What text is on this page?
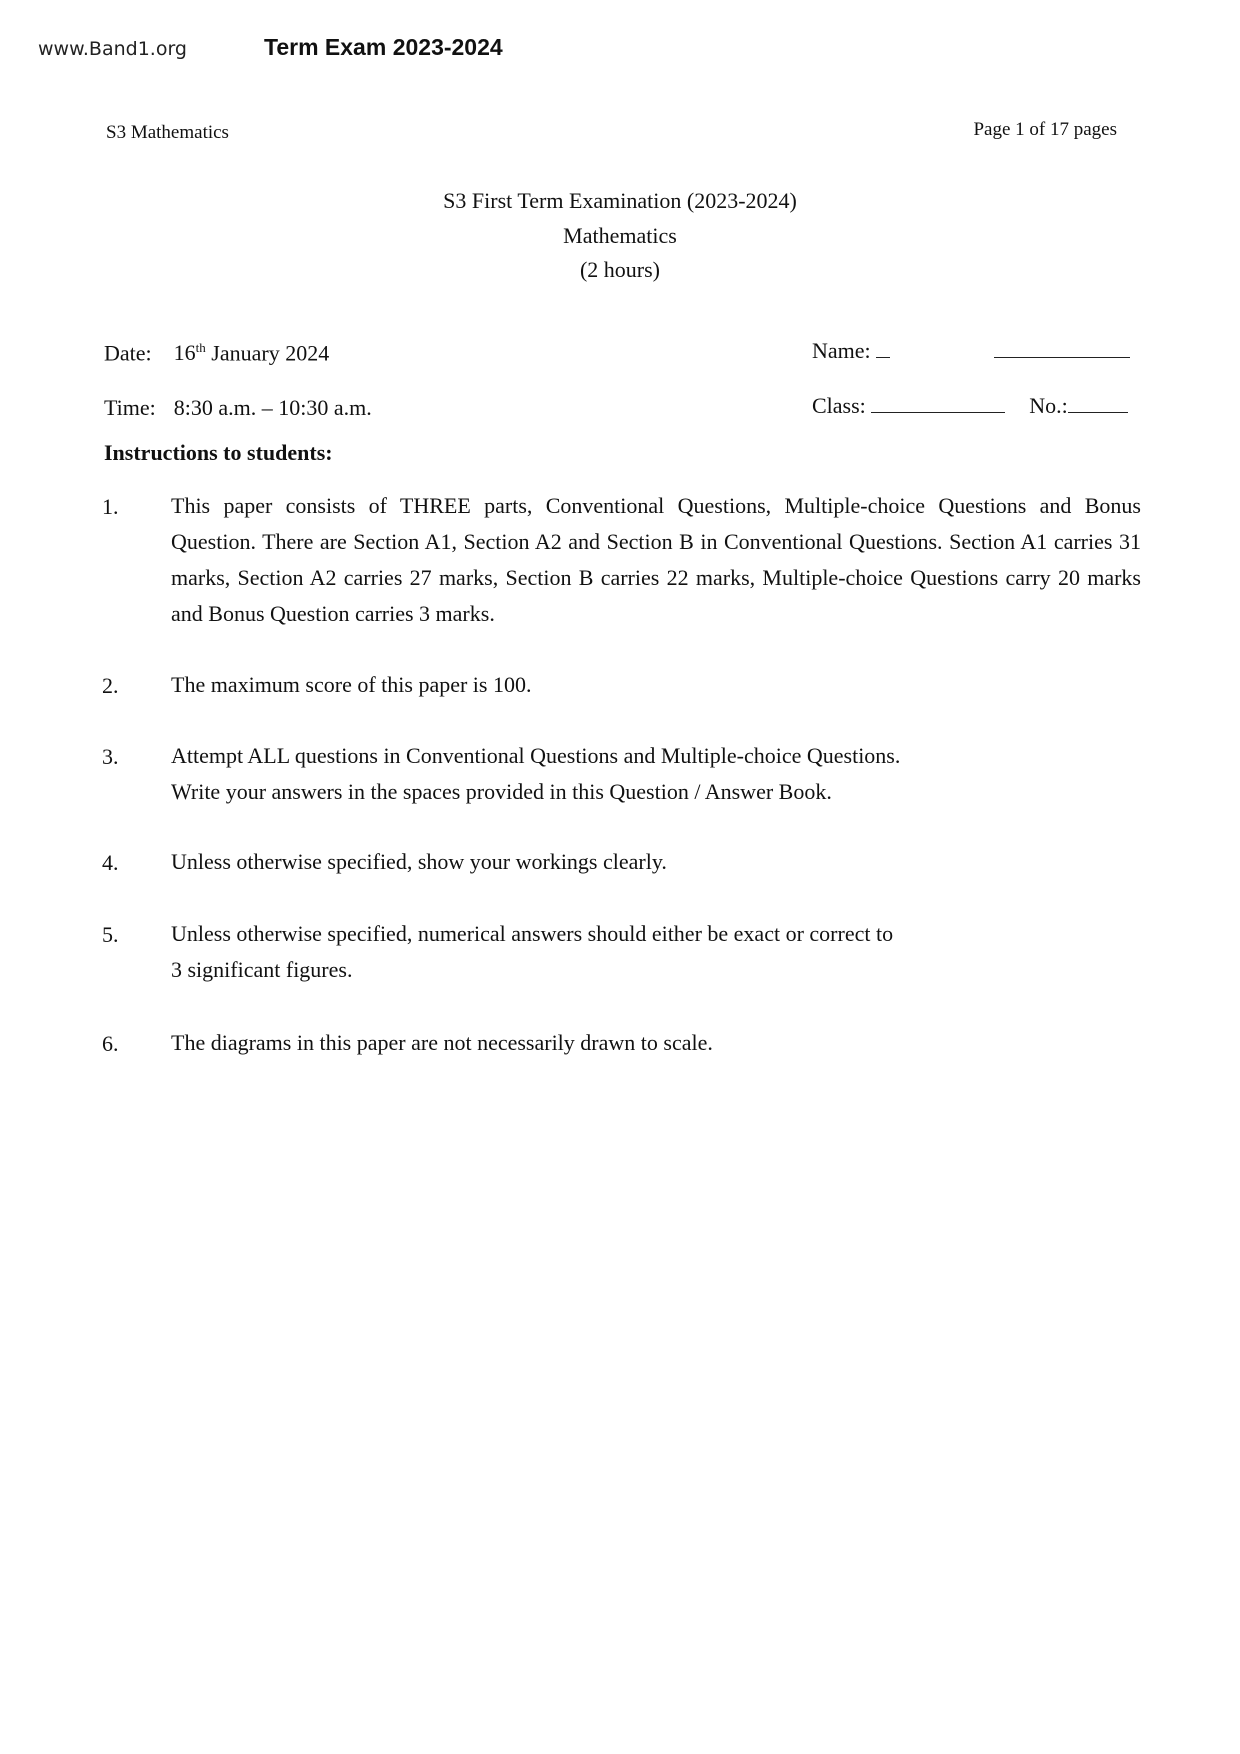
www.Band1.org	Term Exam 2023-2024
S3 Mathematics	Page 1 of 17 pages
S3 First Term Examination (2023-2024)
Mathematics
(2 hours)
Date: 16th January 2024	Name:
Time: 8:30 a.m. – 10:30 a.m.	Class:	No.:
Instructions to students:
1. This paper consists of THREE parts, Conventional Questions, Multiple-choice Questions and Bonus Question. There are Section A1, Section A2 and Section B in Conventional Questions. Section A1 carries 31 marks, Section A2 carries 27 marks, Section B carries 22 marks, Multiple-choice Questions carry 20 marks and Bonus Question carries 3 marks.
2. The maximum score of this paper is 100.
3. Attempt ALL questions in Conventional Questions and Multiple-choice Questions.
Write your answers in the spaces provided in this Question / Answer Book.
4. Unless otherwise specified, show your workings clearly.
5. Unless otherwise specified, numerical answers should either be exact or correct to
3 significant figures.
6. The diagrams in this paper are not necessarily drawn to scale.
